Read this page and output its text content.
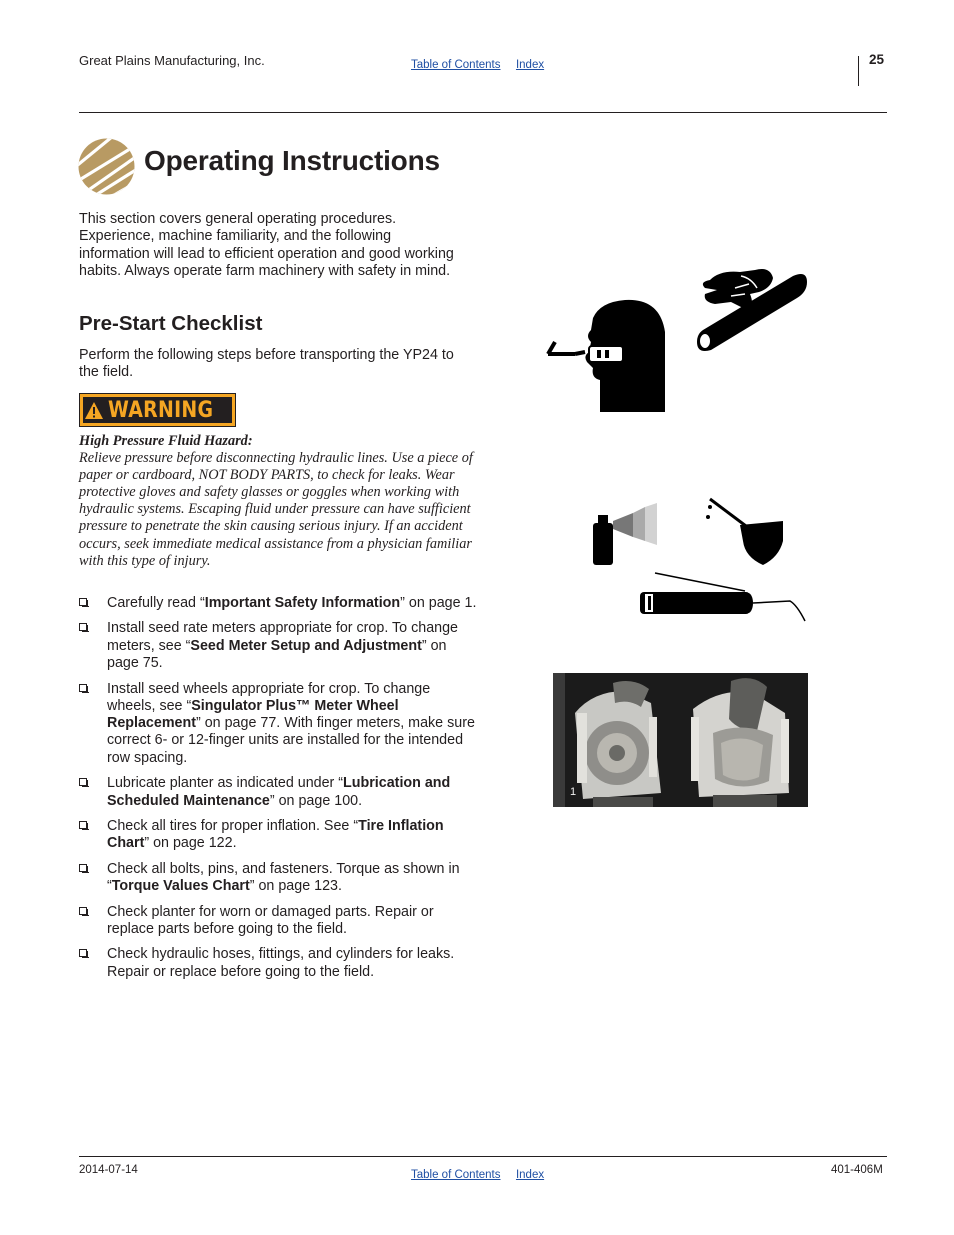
Great Plains Manufacturing, Inc.	Table of Contents Index	25
Operating Instructions
This section covers general operating procedures. Experience, machine familiarity, and the following information will lead to efficient operation and good working habits. Always operate farm machinery with safety in mind.
Pre-Start Checklist
Perform the following steps before transporting the YP24 to the field.
WARNING
High Pressure Fluid Hazard:
Relieve pressure before disconnecting hydraulic lines. Use a piece of paper or cardboard, NOT BODY PARTS, to check for leaks. Wear protective gloves and safety glasses or goggles when working with hydraulic systems. Escaping fluid under pressure can have sufficient pressure to penetrate the skin causing serious injury. If an accident occurs, seek immediate medical assistance from a physician familiar with this type of injury.
Carefully read “Important Safety Information” on page 1.
Install seed rate meters appropriate for crop. To change meters, see “Seed Meter Setup and Adjustment” on page 75.
Install seed wheels appropriate for crop. To change wheels, see “Singulator Plus™ Meter Wheel Replacement” on page 77. With finger meters, make sure correct 6- or 12-finger units are installed for the intended row spacing.
Lubricate planter as indicated under “Lubrication and Scheduled Maintenance” on page 100.
Check all tires for proper inflation. See “Tire Inflation Chart” on page 122.
Check all bolts, pins, and fasteners. Torque as shown in “Torque Values Chart” on page 123.
Check planter for worn or damaged parts. Repair or replace parts before going to the field.
Check hydraulic hoses, fittings, and cylinders for leaks. Repair or replace before going to the field.
1
2014-07-14	Table of Contents Index	401-406M
